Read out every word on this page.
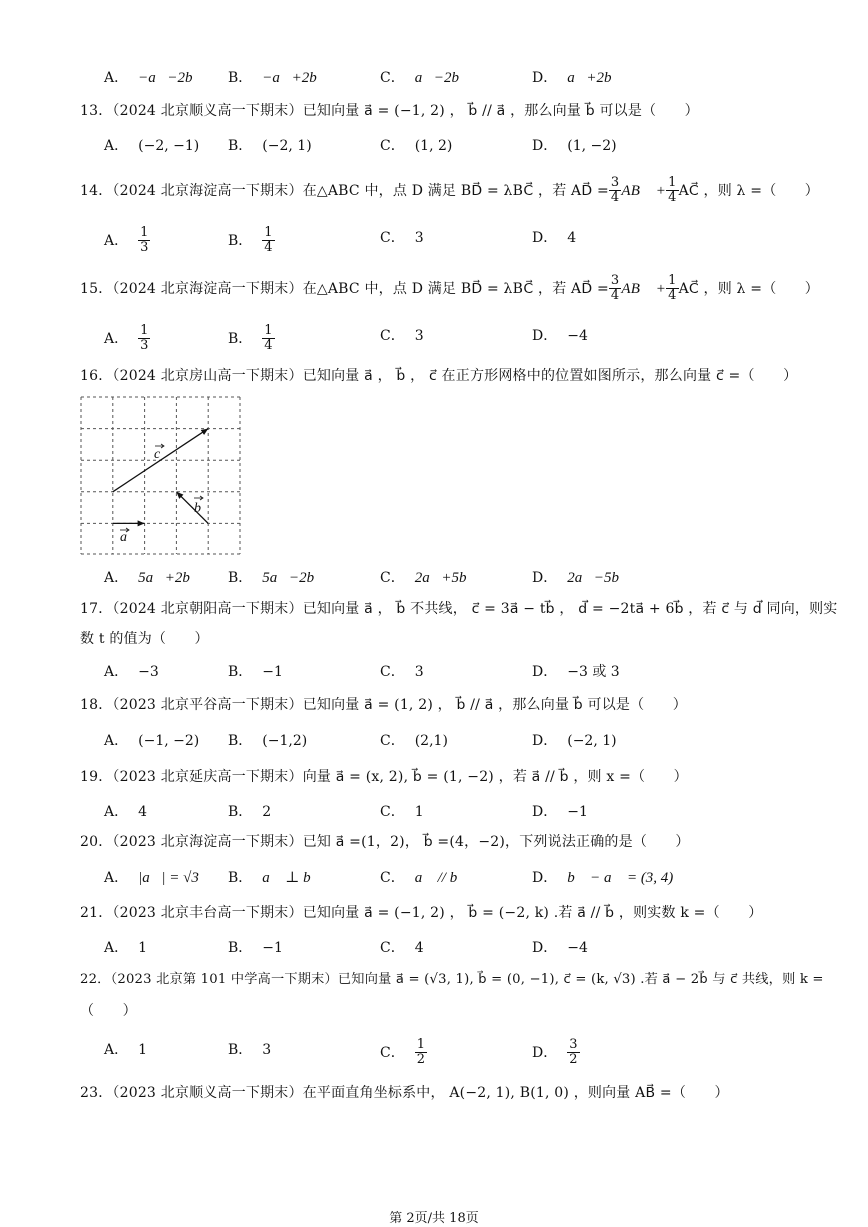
A． −a⃗−2b⃗ B． −a⃗+2b⃗	C． a⃗−2b⃗	D． a⃗+2b⃗
13．（2024 北京顺义高一下期末）已知向量 a⃗ = (−1, 2) ， b⃗ // a⃗ ，那么向量 b⃗ 可以是（　　）
A． (−2, −1) B． (−2, 1)	C． (1, 2)	D． (1, −2)
14．（2024 北京海淀高一下期末）在△ABC 中，点 D 满足 BD⃗ = λBC⃗ ，若 AD⃗ = $\frac{3}{4}$ AB⃗ + $\frac{1}{4}$ AC⃗ ，则 λ =（　　）
A． $\frac{1}{3}$	B． $\frac{1}{4}$	C． 3	D． 4
15．（2024 北京海淀高一下期末）在△ABC 中，点 D 满足 BD⃗ = λBC⃗ ，若 AD⃗ = $\frac{3}{4}$ AB⃗ + $\frac{1}{4}$ AC⃗ ，则 λ =（　　）
A． $\frac{1}{3}$	B． $\frac{1}{4}$	C． 3	D． −4
16．（2024 北京房山高一下期末）已知向量 a⃗ ， b⃗ ， c⃗ 在正方形网格中的位置如图所示，那么向量 c⃗ =（　　）
c
b
a
A． 5a⃗+2b⃗ B． 5a⃗−2b⃗	C． 2a⃗+5b⃗	D． 2a⃗−5b⃗
17．（2024 北京朝阳高一下期末）已知向量 a⃗ ， b⃗ 不共线， c⃗ = 3a⃗ − tb⃗ ， d⃗ = −2ta⃗ + 6b⃗ ，若 c⃗ 与 d⃗ 同向，则实
数 t 的值为（　　）
A． −3	B． −1	C． 3	D． −3 或 3
18．（2023 北京平谷高一下期末）已知向量 a⃗ = (1, 2) ， b⃗ // a⃗ ，那么向量 b⃗ 可以是（　　）
A． (−1, −2) B． (−1,2)	C． (2,1)	D． (−2, 1)
19．（2023 北京延庆高一下期末）向量 a⃗ = (x, 2), b⃗ = (1, −2) ，若 a⃗ // b⃗ ，则 x =（　　）
A． 4	B． 2	C． 1	D． −1
20．（2023 北京海淀高一下期末）已知 a⃗ =(1，2)， b⃗ =(4，−2)，下列说法正确的是（　　）
A． |a⃗| = √3 B． a⃗ ⊥ b⃗	C． a⃗ // b⃗	D． b⃗ − a⃗ = (3, 4)
21．（2023 北京丰台高一下期末）已知向量 a⃗ = (−1, 2) ， b⃗ = (−2, k) .若 a⃗ // b⃗ ，则实数 k =（　　）
A． 1	B． −1	C． 4	D． −4
22．（2023 北京第 101 中学高一下期末）已知向量 a⃗ = (√3, 1), b⃗ = (0, −1), c⃗ = (k, √3) .若 a⃗ − 2b⃗ 与 c⃗ 共线，则 k =
（　　）
A． 1	B． 3	C． $\frac{1}{2}$	D． $\frac{3}{2}$
23．（2023 北京顺义高一下期末）在平面直角坐标系中， A(−2, 1), B(1, 0) ，则向量 AB⃗ =（　　）
第 2页/共 18页
